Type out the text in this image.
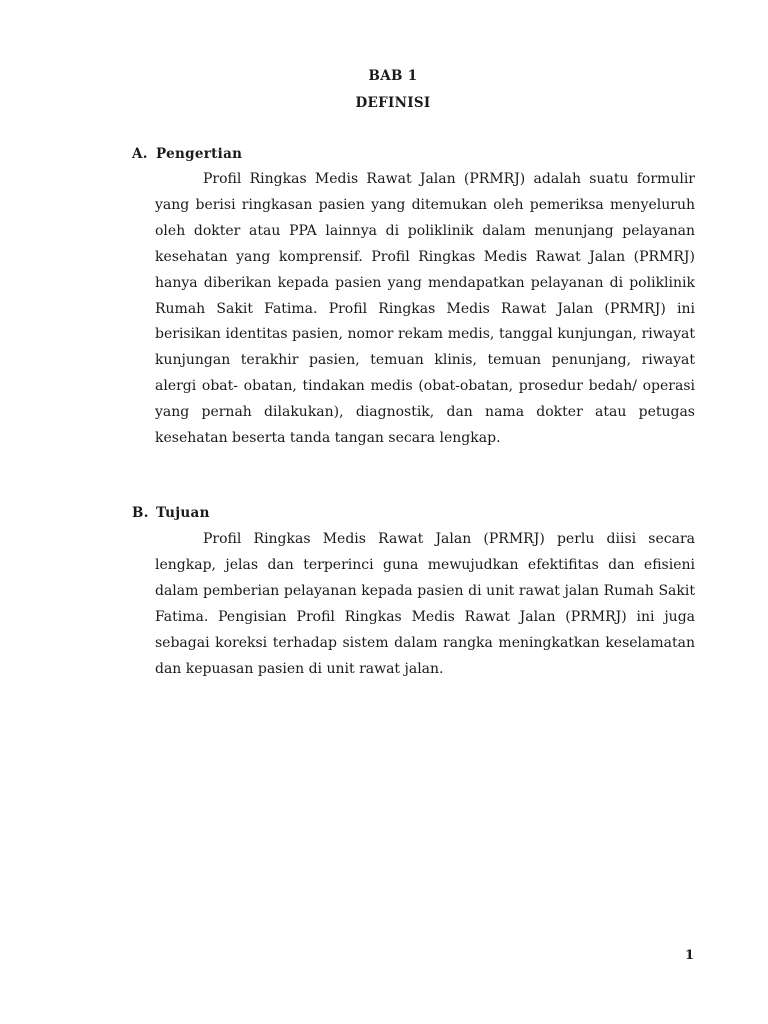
BAB 1
DEFINISI
A. Pengertian

Profil Ringkas Medis Rawat Jalan (PRMRJ) adalah suatu formulir yang berisi ringkasan pasien yang ditemukan oleh pemeriksa menyeluruh oleh dokter atau PPA lainnya di poliklinik dalam menunjang pelayanan kesehatan yang komprensif. Profil Ringkas Medis Rawat Jalan (PRMRJ) hanya diberikan kepada pasien yang mendapatkan pelayanan di poliklinik Rumah Sakit Fatima. Profil Ringkas Medis Rawat Jalan (PRMRJ) ini berisikan identitas pasien, nomor rekam medis, tanggal kunjungan, riwayat kunjungan terakhir pasien, temuan klinis, temuan penunjang, riwayat alergi obat- obatan, tindakan medis (obat-obatan, prosedur bedah/ operasi yang pernah dilakukan), diagnostik, dan nama dokter atau petugas kesehatan beserta tanda tangan secara lengkap.

B. Tujuan

Profil Ringkas Medis Rawat Jalan (PRMRJ) perlu diisi secara lengkap, jelas dan terperinci guna mewujudkan efektifitas dan efisieni dalam pemberian pelayanan kepada pasien di unit rawat jalan Rumah Sakit Fatima. Pengisian Profil Ringkas Medis Rawat Jalan (PRMRJ) ini juga sebagai koreksi terhadap sistem dalam rangka meningkatkan keselamatan dan kepuasan pasien di unit rawat jalan.

1
